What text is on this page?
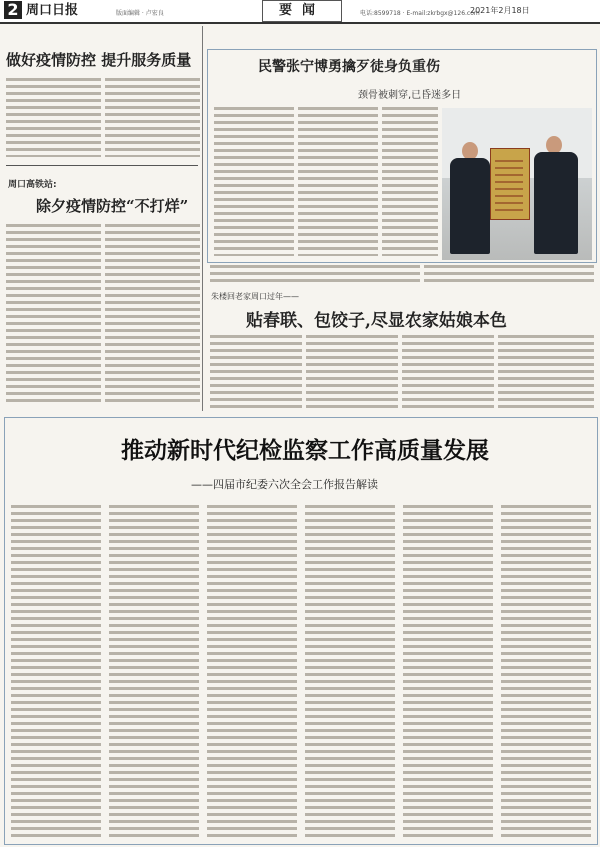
2 周口日报	版面编辑 · 卢宏良	要闻	电话:8599718 · E-mail:zkrbgx@126.com
2021年2月18日
做好疫情防控 提升服务质量
周口高铁站:
除夕疫情防控“不打烊”
民警张宁博勇擒歹徒身负重伤
颈骨被刺穿,已昏迷多日
朱楼回老家周口过年——
贴春联、包饺子,尽显农家姑娘本色
推动新时代纪检监察工作高质量发展
——四届市纪委六次全会工作报告解读
